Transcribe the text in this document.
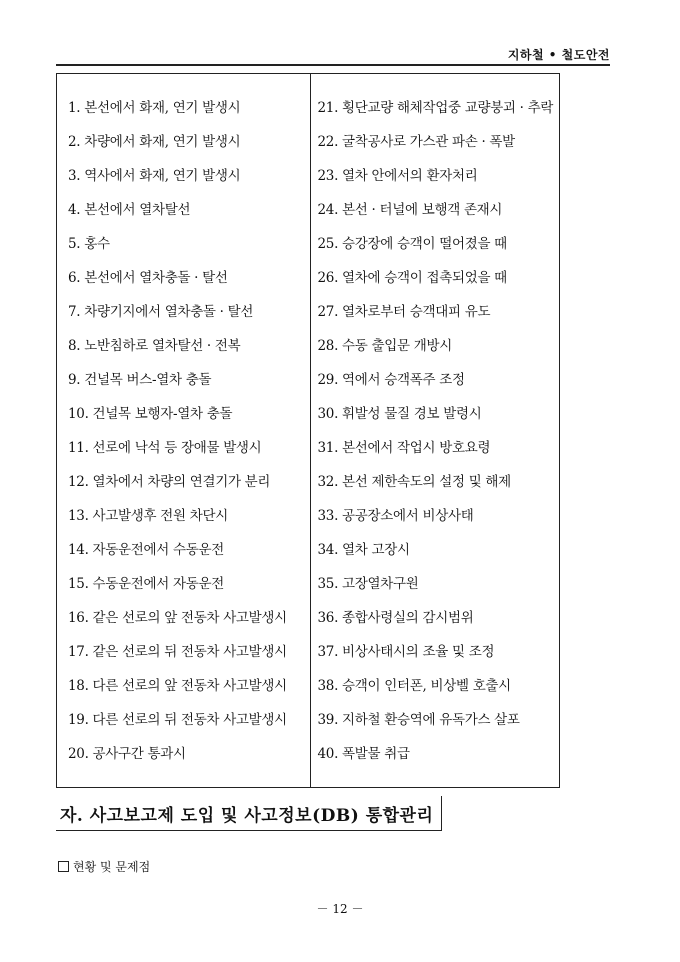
지하철 • 철도안전
1. 본선에서 화재, 연기 발생시
2. 차량에서 화재, 연기 발생시
3. 역사에서 화재, 연기 발생시
4. 본선에서 열차탈선
5. 홍수
6. 본선에서 열차충돌 · 탈선
7. 차량기지에서 열차충돌 · 탈선
8. 노반침하로 열차탈선 · 전복
9. 건널목 버스-열차 충돌
10. 건널목 보행자-열차 충돌
11. 선로에 낙석 등 장애물 발생시
12. 열차에서 차량의 연결기가 분리
13. 사고발생후 전원 차단시
14. 자동운전에서 수동운전
15. 수동운전에서 자동운전
16. 같은 선로의 앞 전동차 사고발생시
17. 같은 선로의 뒤 전동차 사고발생시
18. 다른 선로의 앞 전동차 사고발생시
19. 다른 선로의 뒤 전동차 사고발생시
20. 공사구간 통과시
21. 횡단교량 해체작업중 교량붕괴 · 추락
22. 굴착공사로 가스관 파손 · 폭발
23. 열차 안에서의 환자처리
24. 본선 · 터널에 보행객 존재시
25. 승강장에 승객이 떨어졌을 때
26. 열차에 승객이 접촉되었을 때
27. 열차로부터 승객대피 유도
28. 수동 출입문 개방시
29. 역에서 승객폭주 조정
30. 휘발성 물질 경보 발령시
31. 본선에서 작업시 방호요령
32. 본선 제한속도의 설정 및 해제
33. 공공장소에서 비상사태
34. 열차 고장시
35. 고장열차구원
36. 종합사령실의 감시범위
37. 비상사태시의 조율 및 조정
38. 승객이 인터폰, 비상벨 호출시
39. 지하철 환승역에 유독가스 살포
40. 폭발물 취급
자. 사고보고제 도입 및 사고정보(DB) 통합관리
현황 및 문제점
－ 12 －
